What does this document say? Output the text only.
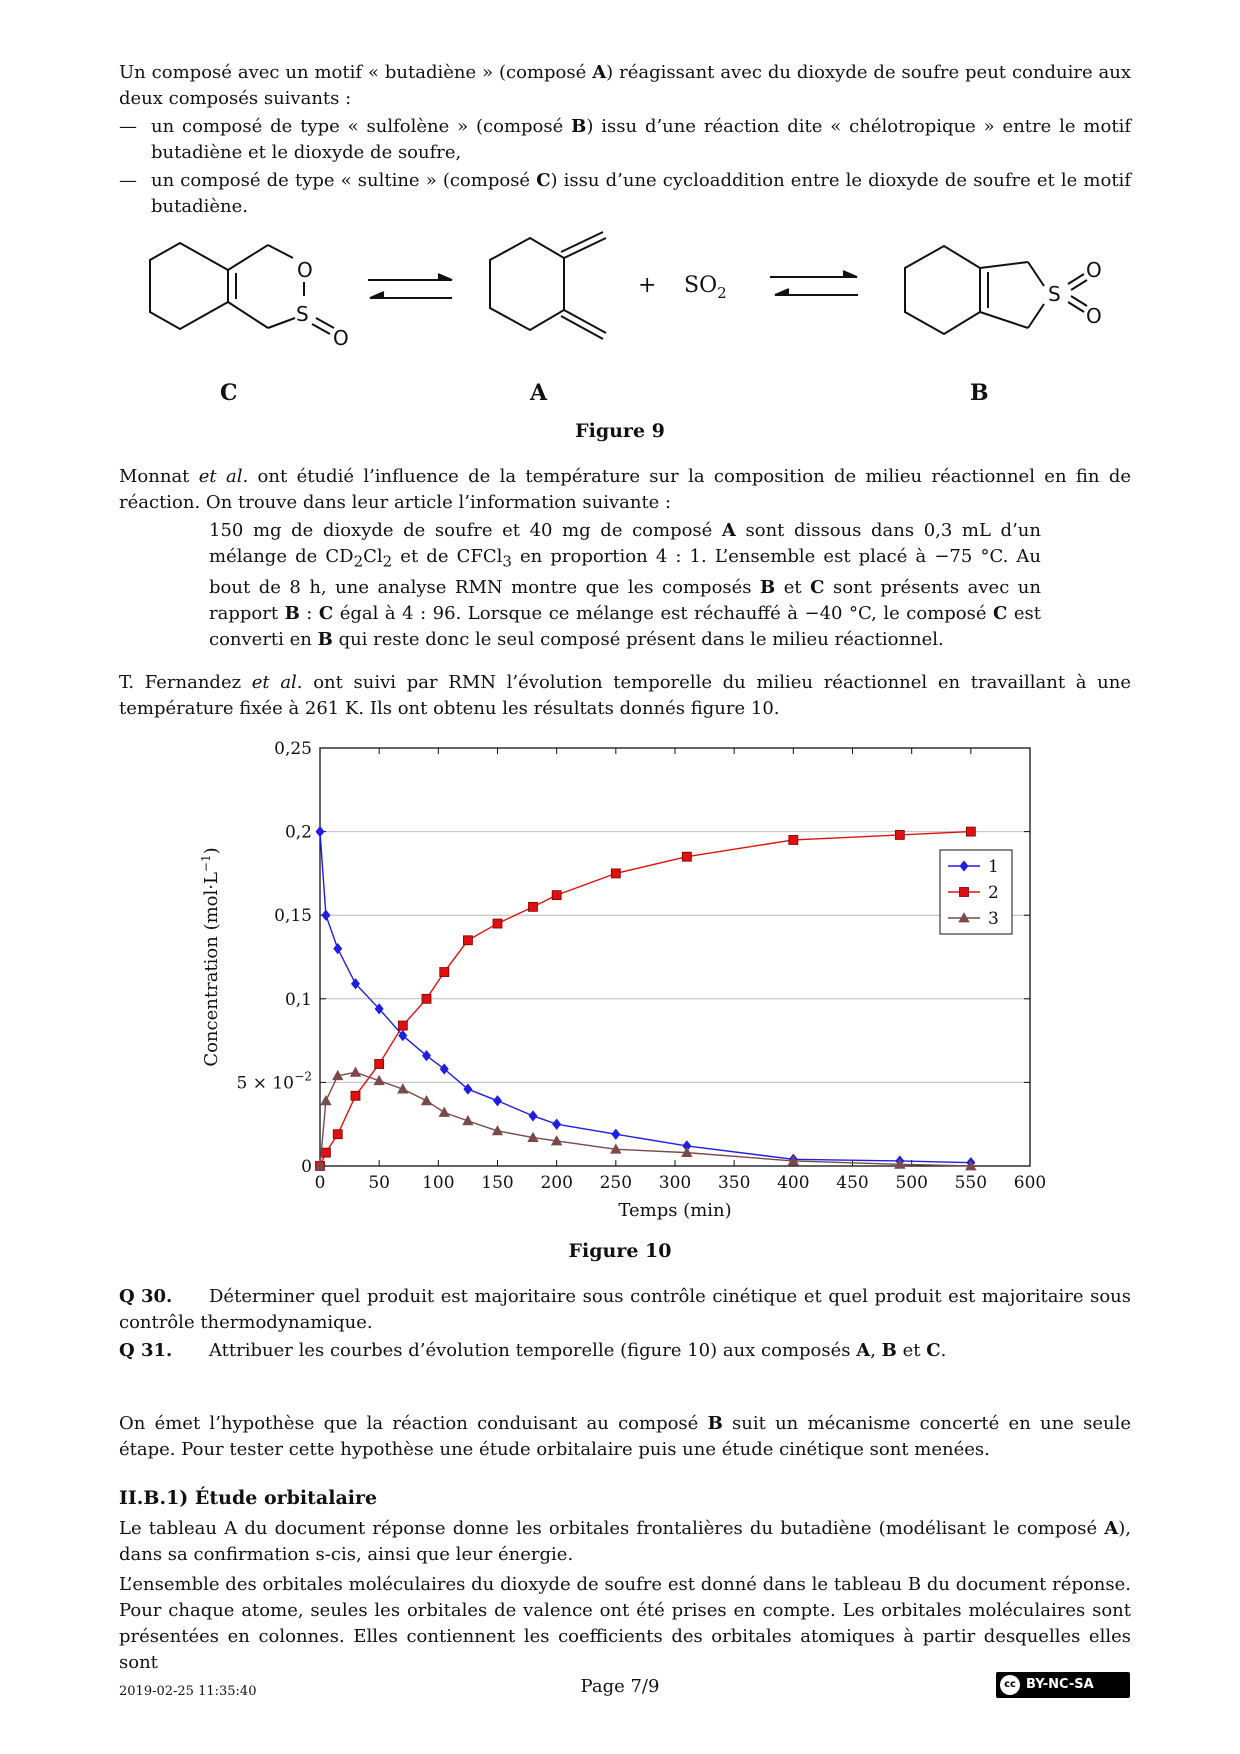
Un composé avec un motif « butadiène » (composé A) réagissant avec du dioxyde de soufre peut conduire aux deux composés suivants :

— un composé de type « sulfolène » (composé B) issu d’une réaction dite « chélotropique » entre le motif butadiène et le dioxyde de soufre,

— un composé de type « sultine » (composé C) issu d’une cycloaddition entre le dioxyde de soufre et le motif butadiène.

O
S
O
S
O
O
+ $SO_2$
C	A	B
Figure 9

Monnat et al. ont étudié l’influence de la température sur la composition de milieu réactionnel en fin de réaction. On trouve dans leur article l’information suivante :

150 mg de dioxyde de soufre et 40 mg de composé A sont dissous dans 0,3 mL d’un mélange de $CD_2Cl_2$ et de CFCl$_3$ en proportion 4 : 1. L’ensemble est placé à −75 °C. Au bout de 8 h, une analyse RMN montre que les composés B et C sont présents avec un rapport B : C égal à 4 : 96. Lorsque ce mélange est réchauffé à −40 °C, le composé C est converti en B qui reste donc le seul composé présent dans le milieu réactionnel.

T. Fernandez et al. ont suivi par RMN l’évolution temporelle du milieu réactionnel en travaillant à une température fixée à 261 K. Ils ont obtenu les résultats donnés figure 10.

0	50 100 150 200 250 300 350 400 450 500 550 600
0
5 × 10 −2
0,1
0,15
0,2
0,25
Temps (min)
Concentration $(mol\cdot L^{-1})$
1
2
3
Figure 10
Q 30. Déterminer quel produit est majoritaire sous contrôle cinétique et quel produit est majoritaire sous contrôle thermodynamique.
Q 31. Attribuer les courbes d’évolution temporelle (figure 10) aux composés A, B et C.

On émet l’hypothèse que la réaction conduisant au composé B suit un mécanisme concerté en une seule étape. Pour tester cette hypothèse une étude orbitalaire puis une étude cinétique sont menées.

II.B.1) Étude orbitalaire

Le tableau A du document réponse donne les orbitales frontalières du butadiène (modélisant le composé A), dans sa confirmation s-cis, ainsi que leur énergie.

L’ensemble des orbitales moléculaires du dioxyde de soufre est donné dans le tableau B du document réponse. Pour chaque atome, seules les orbitales de valence ont été prises en compte. Les orbitales moléculaires sont présentées en colonnes. Elles contiennent les coefficients des orbitales atomiques à partir desquelles elles sont

2019-02-25 11:35:40	Page 7/9	cc BY-NC-SA
